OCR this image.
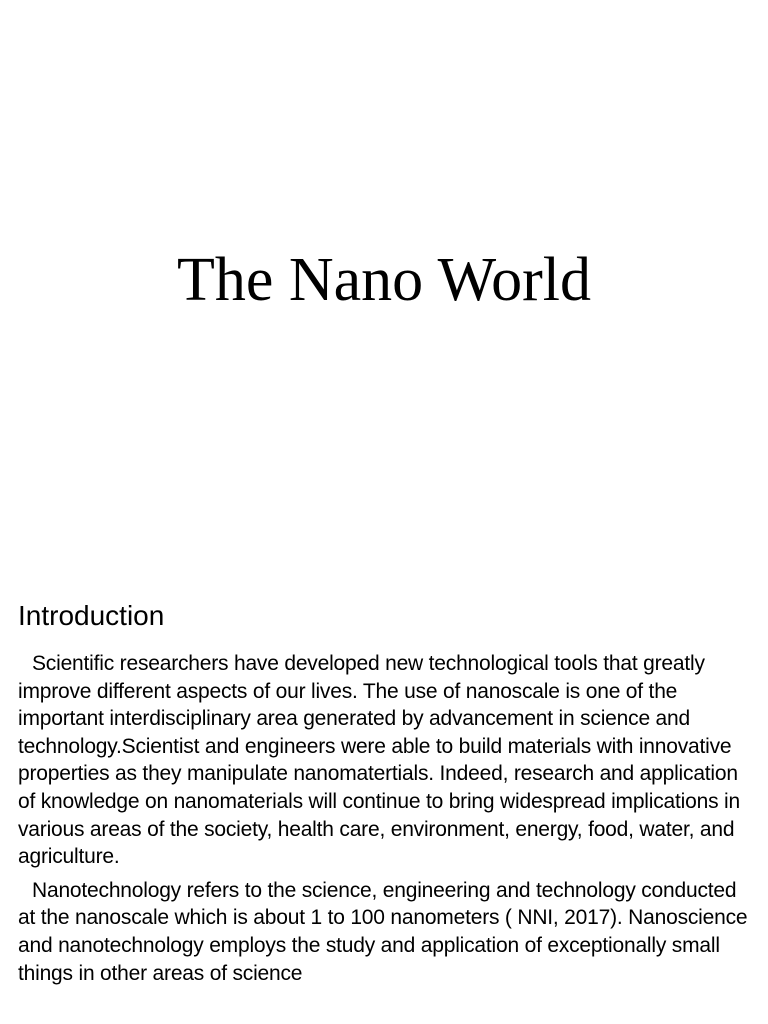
The Nano World
Introduction

Scientific researchers have developed new technological tools that greatly improve different aspects of our lives. The use of nanoscale is one of the important interdisciplinary area generated by advancement in science and technology.Scientist and engineers were able to build materials with innovative properties as they manipulate nanomatertials. Indeed, research and application of knowledge on nanomaterials will continue to bring widespread implications in various areas of the society, health care, environment, energy, food, water, and agriculture.

Nanotechnology refers to the science, engineering and technology conducted at the nanoscale which is about 1 to 100 nanometers ( NNI, 2017). Nanoscience and nanotechnology employs the study and application of exceptionally small things in other areas of science
